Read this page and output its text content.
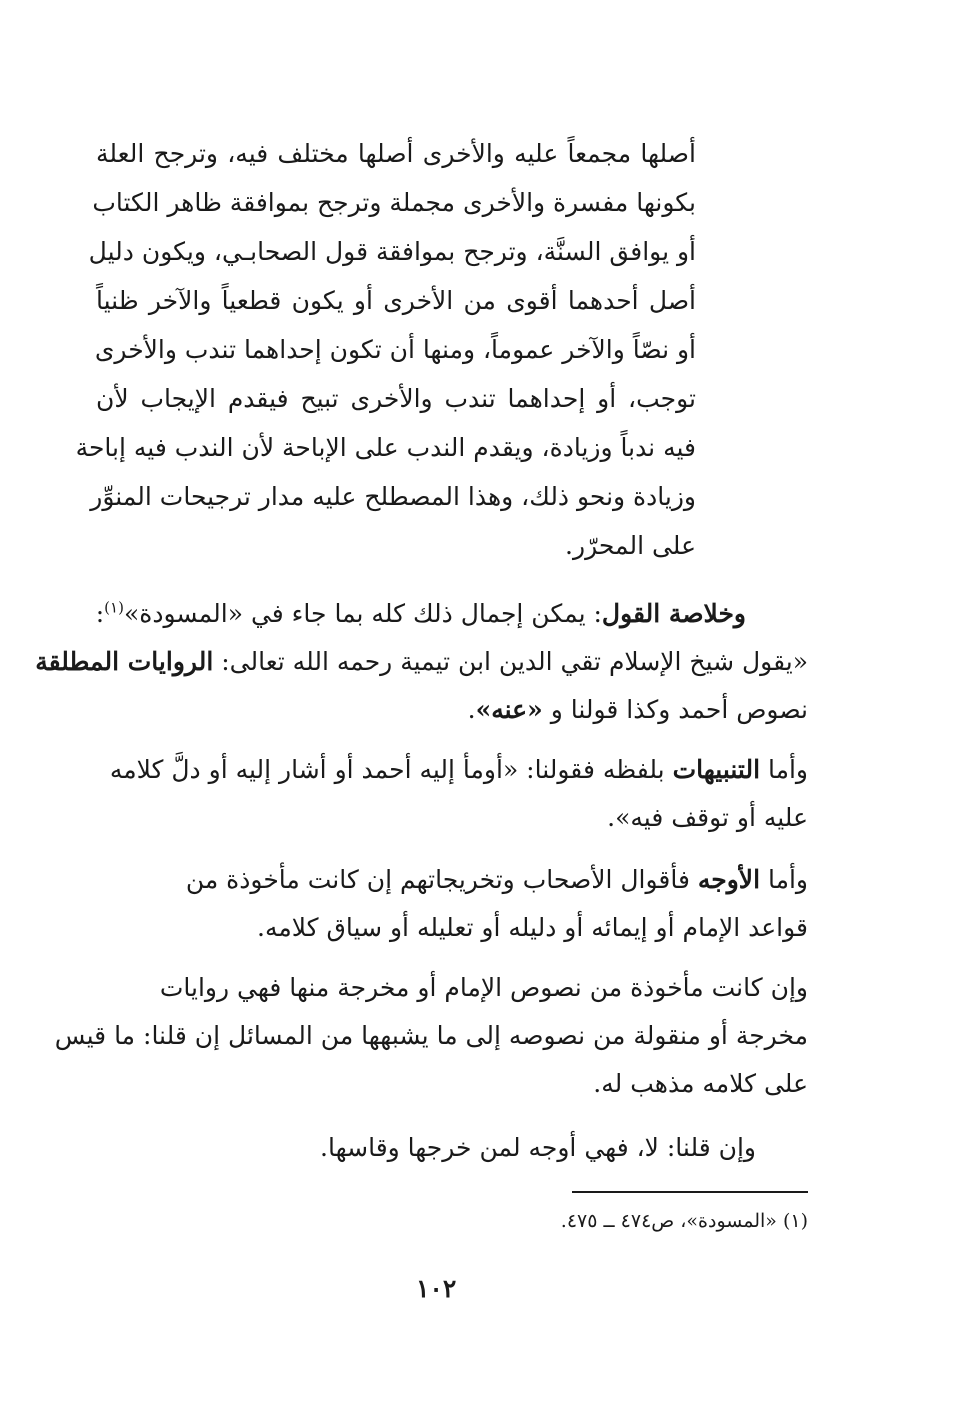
أصلها مجمعاً عليه والأخرى أصلها مختلف فيه، وترجح العلة
بكونها مفسرة والأخرى مجملة وترجح بموافقة ظاهر الكتاب
أو يوافق السنَّة، وترجح بموافقة قول الصحابـي، ويكون دليل
أصل أحدهما أقوى من الأخرى أو يكون قطعياً والآخر ظنياً
أو نصّاً والآخر عموماً، ومنها أن تكون إحداهما تندب والأخرى
توجب، أو إحداهما تندب والأخرى تبيح فيقدم الإيجاب لأن
فيه ندباً وزيادة، ويقدم الندب على الإباحة لأن الندب فيه إباحة
وزيادة ونحو ذلك، وهذا المصطلح عليه مدار ترجيحات المنوِّر
على المحرّر.
وخلاصة القول: يمكن إجمال ذلك كله بما جاء في «المسودة»$^{(١)}$:
«يقول شيخ الإسلام تقي الدين ابن تيمية رحمه الله تعالى: الروايات المطلقة
نصوص أحمد وكذا قولنا و «عنه».
وأما التنبيهات بلفظه فقولنا: «أومأ إليه أحمد أو أشار إليه أو دلَّ كلامه
عليه أو توقف فيه».
وأما الأوجه فأقوال الأصحاب وتخريجاتهم إن كانت مأخوذة من
قواعد الإمام أو إيمائه أو دليله أو تعليله أو سياق كلامه.
وإن كانت مأخوذة من نصوص الإمام أو مخرجة منها فهي روايات
مخرجة أو منقولة من نصوصه إلى ما يشبهها من المسائل إن قلنا: ما قيس
على كلامه مذهب له.
وإن قلنا: لا، فهي أوجه لمن خرجها وقاسها.
(١) «المسودة»، ص٤٧٤ ــ ٤٧٥.
١٠٢
